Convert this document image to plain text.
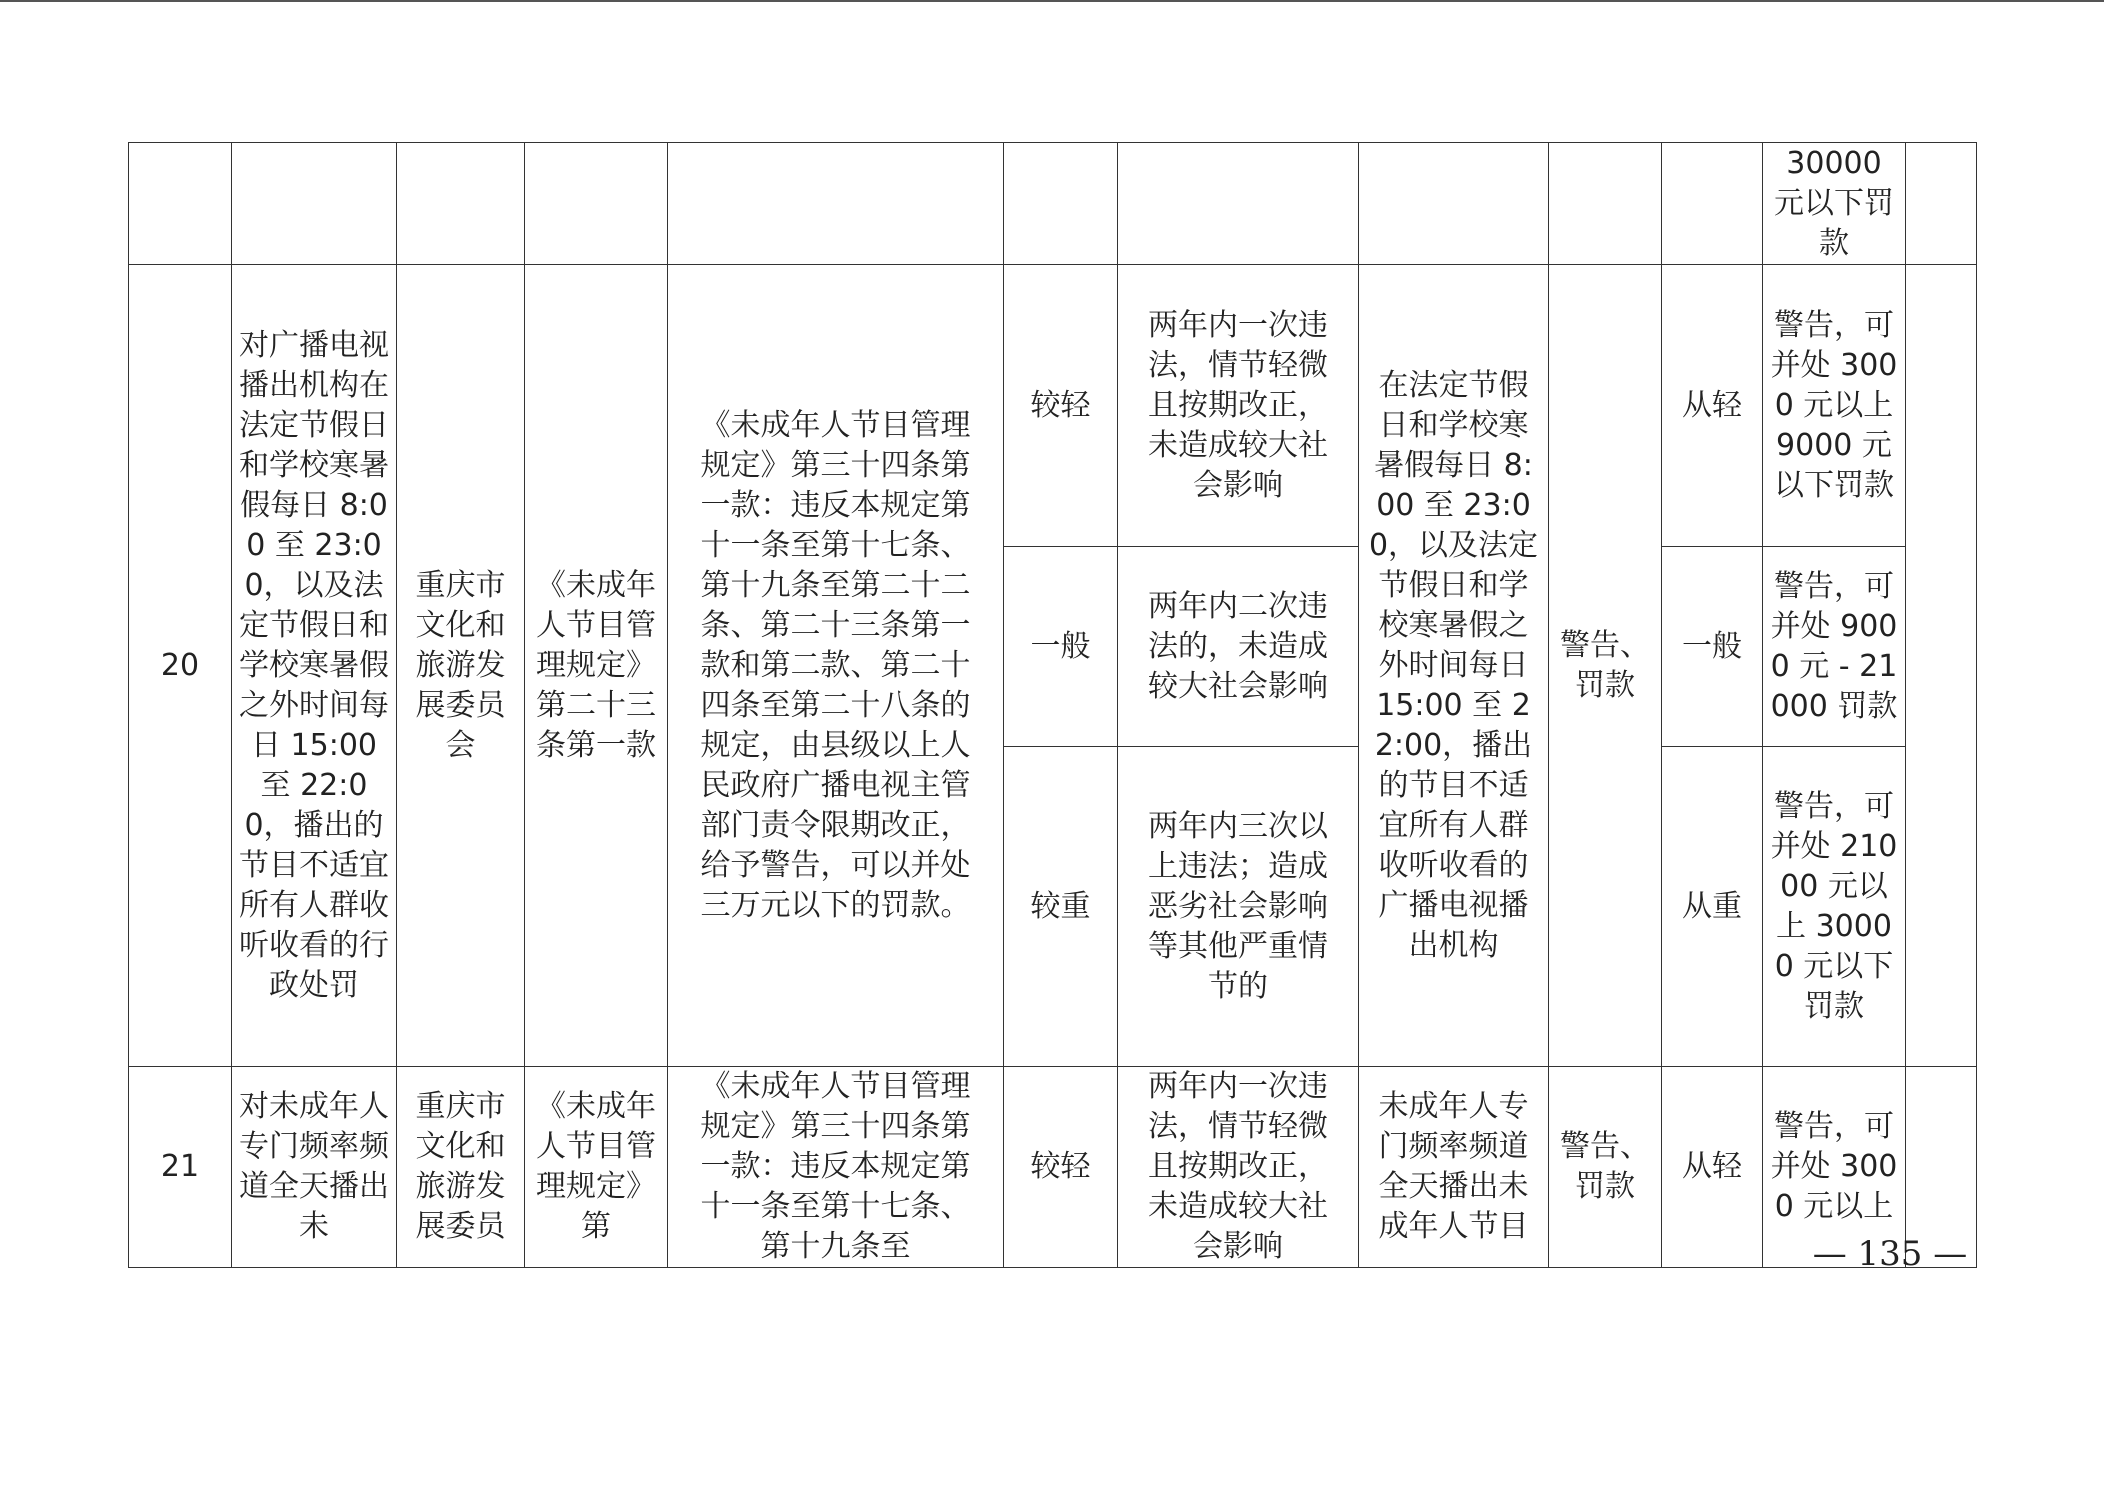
										30000 元以下罚款	

20	对广播电视播出机构在法定节假日和学校寒暑假每日 8:00 至 23:00，以及法定节假日和学校寒暑假之外时间每日 15:00 至 22:00，播出的节目不适宜所有人群收听收看的行政处罚	重庆市文化和旅游发展委员会	《未成年人节目管理规定》第二十三条第一款	《未成年人节目管理规定》第三十四条第一款：违反本规定第十一条至第十七条、第十九条至第二十二条、第二十三条第一款和第二款、第二十四条至第二十八条的规定，由县级以上人民政府广播电视主管部门责令限期改正，给予警告，可以并处三万元以下的罚款。	较轻	两年内一次违法，情节轻微且按期改正，未造成较大社会影响	在法定节假日和学校寒暑假每日 8:00 至 23:00，以及法定节假日和学校寒暑假之外时间每日 15:00 至 22:00，播出的节目不适宜所有人群收听收看的广播电视播出机构	警告、罚款	从轻	警告，可并处 3000 元以上 9000 元以下罚款	

					一般	两年内二次违法的，未造成较大社会影响			一般	警告，可并处 9000 元 - 21000 罚款	

					较重	两年内三次以上违法；造成恶劣社会影响等其他严重情节的			从重	警告，可并处 21000 元以上 30000 元以下罚款	

21	对未成年人专门频率频道全天播出未	重庆市文化和旅游发展委员	《未成年人节目管理规定》第	《未成年人节目管理规定》第三十四条第一款：违反本规定第十一条至第十七条、第十九条至	较轻	两年内一次违法，情节轻微且按期改正，未造成较大社会影响	未成年人专门频率频道全天播出未成年人节目	警告、罚款	从轻	警告，可并处 3000 元以上	

— 135 —
